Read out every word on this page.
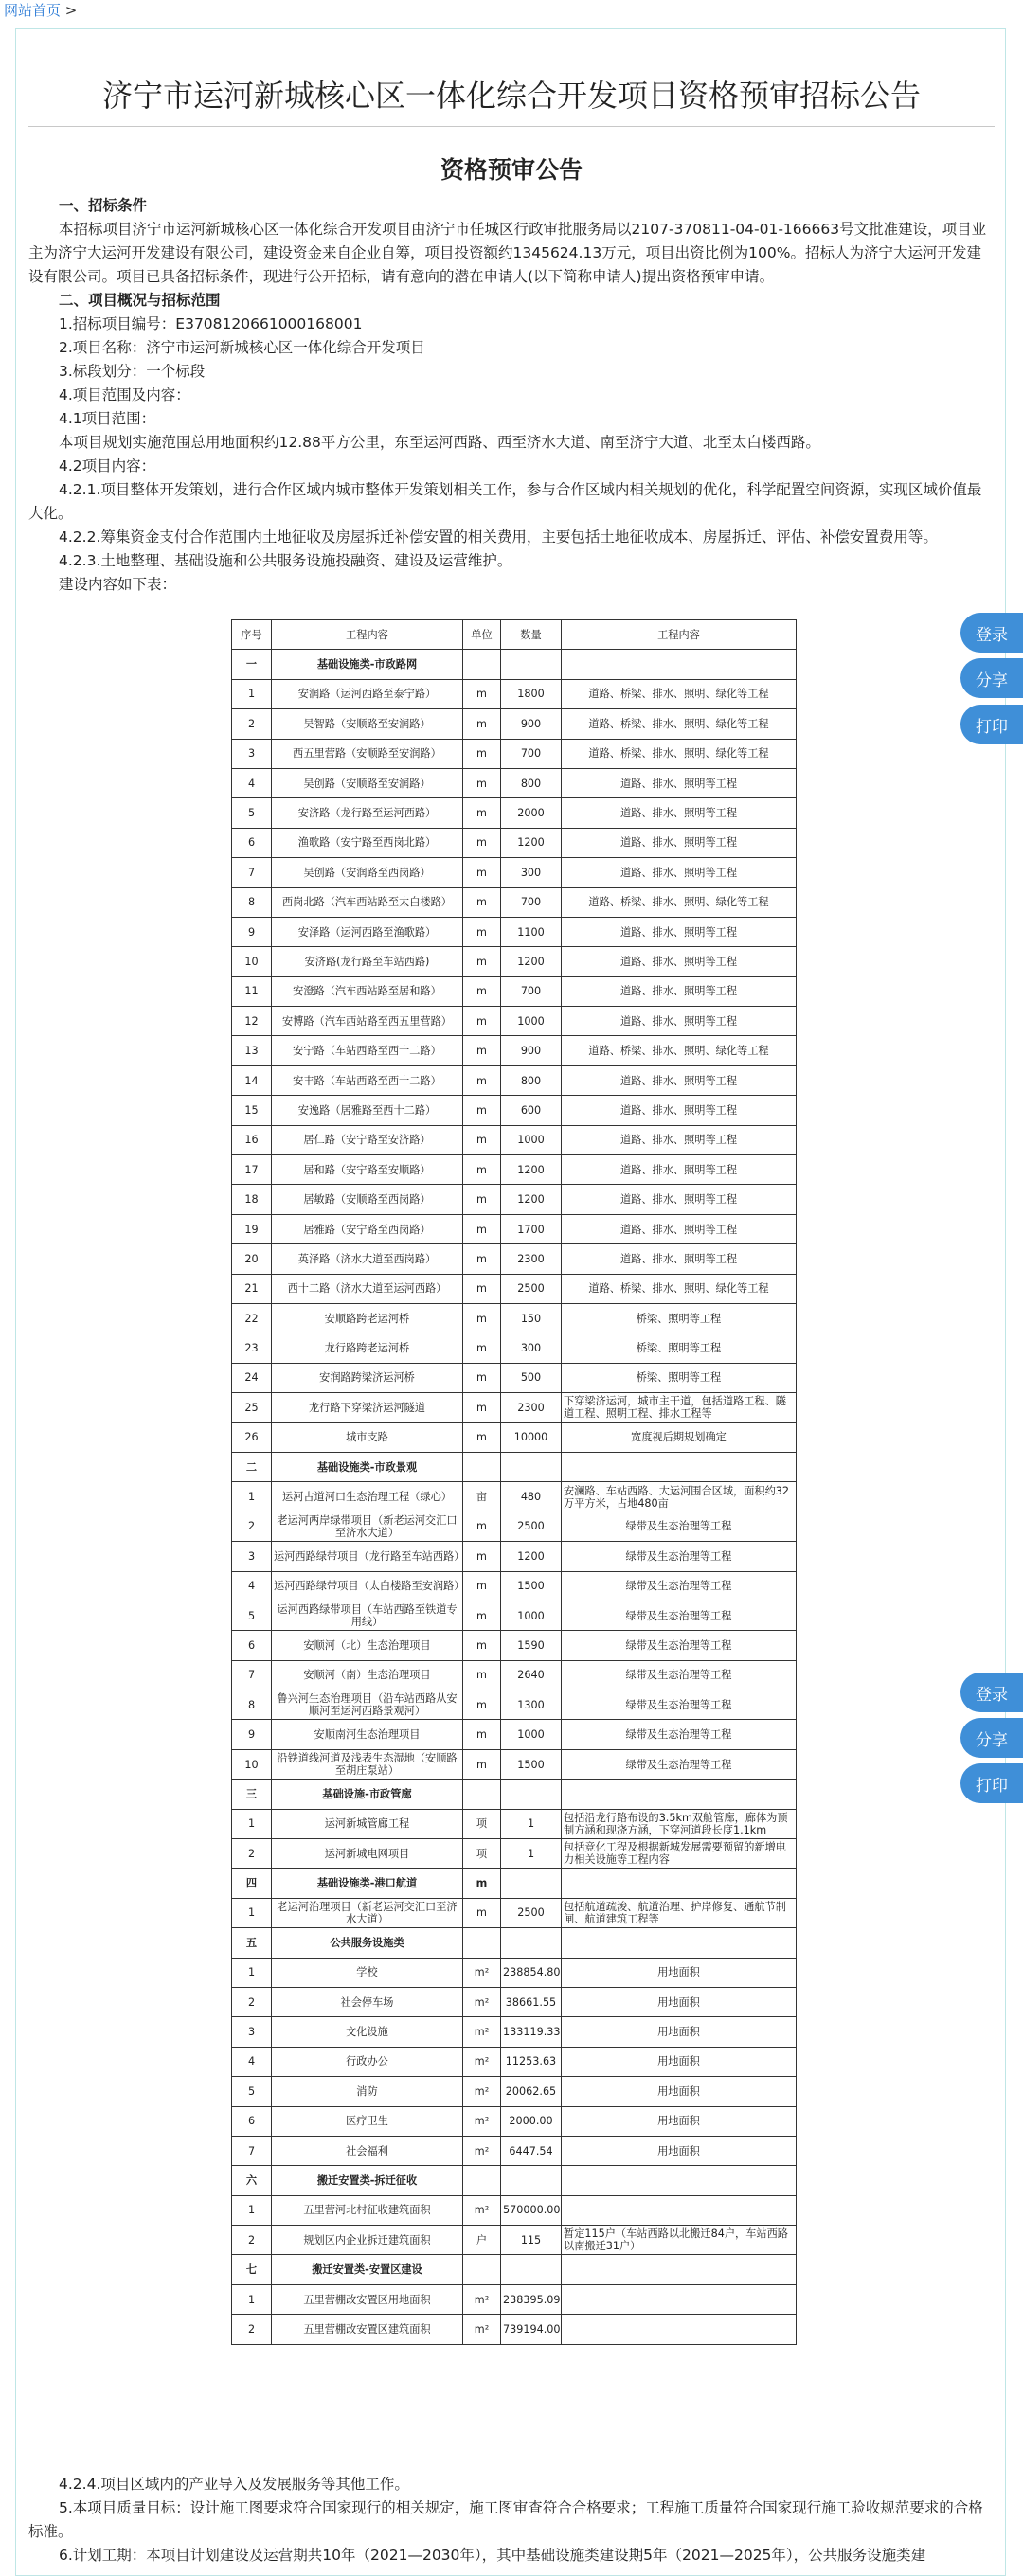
网站首页 >
济宁市运河新城核心区一体化综合开发项目资格预审招标公告
资格预审公告

一、招标条件

本招标项目济宁市运河新城核心区一体化综合开发项目由济宁市任城区行政审批服务局以2107-370811-04-01-166663号文批准建设，项目业主为济宁大运河开发建设有限公司，建设资金来自企业自筹，项目投资额约1345624.13万元，项目出资比例为100%。招标人为济宁大运河开发建设有限公司。项目已具备招标条件，现进行公开招标，请有意向的潜在申请人(以下简称申请人)提出资格预审申请。

二、项目概况与招标范围

1.招标项目编号：E3708120661000168001

2.项目名称：济宁市运河新城核心区一体化综合开发项目

3.标段划分：一个标段

4.项目范围及内容：

4.1项目范围：

本项目规划实施范围总用地面积约12.88平方公里，东至运河西路、西至济水大道、南至济宁大道、北至太白楼西路。

4.2项目内容：

4.2.1.项目整体开发策划，进行合作区域内城市整体开发策划相关工作，参与合作区域内相关规划的优化，科学配置空间资源，实现区域价值最大化。

4.2.2.筹集资金支付合作范围内土地征收及房屋拆迁补偿安置的相关费用，主要包括土地征收成本、房屋拆迁、评估、补偿安置费用等。

4.2.3.土地整理、基础设施和公共服务设施投融资、建设及运营维护。

建设内容如下表：

序号	工程内容	单位	数量	工程内容
一	基础设施类-市政路网			
1	安润路（运河西路至泰宁路）	m	1800	道路、桥梁、排水、照明、绿化等工程
2	吴智路（安顺路至安润路）	m	900	道路、桥梁、排水、照明、绿化等工程
3	西五里营路（安顺路至安润路）	m	700	道路、桥梁、排水、照明、绿化等工程
4	吴创路（安顺路至安润路）	m	800	道路、排水、照明等工程
5	安济路（龙行路至运河西路）	m	2000	道路、排水、照明等工程
6	渔歌路（安宁路至西岗北路）	m	1200	道路、排水、照明等工程
7	吴创路（安润路至西岗路）	m	300	道路、排水、照明等工程
8	西岗北路（汽车西站路至太白楼路）	m	700	道路、桥梁、排水、照明、绿化等工程
9	安泽路（运河西路至渔歌路）	m	1100	道路、排水、照明等工程
10	安济路(龙行路至车站西路)	m	1200	道路、排水、照明等工程
11	安澄路（汽车西站路至居和路）	m	700	道路、排水、照明等工程
12	安博路（汽车西站路至西五里营路）	m	1000	道路、排水、照明等工程
13	安宁路（车站西路至西十二路）	m	900	道路、桥梁、排水、照明、绿化等工程
14	安丰路（车站西路至西十二路）	m	800	道路、排水、照明等工程
15	安逸路（居雅路至西十二路）	m	600	道路、排水、照明等工程
16	居仁路（安宁路至安济路）	m	1000	道路、排水、照明等工程
17	居和路（安宁路至安顺路）	m	1200	道路、排水、照明等工程
18	居敏路（安顺路至西岗路）	m	1200	道路、排水、照明等工程
19	居雅路（安宁路至西岗路）	m	1700	道路、排水、照明等工程
20	英泽路（济水大道至西岗路）	m	2300	道路、排水、照明等工程
21	西十二路（济水大道至运河西路）	m	2500	道路、桥梁、排水、照明、绿化等工程
22	安顺路跨老运河桥	m	150	桥梁、照明等工程
23	龙行路跨老运河桥	m	300	桥梁、照明等工程
24	安润路跨梁济运河桥	m	500	桥梁、照明等工程
25	龙行路下穿梁济运河隧道	m	2300	下穿梁济运河，城市主干道，包括道路工程、隧道工程、照明工程、排水工程等
26	城市支路	m	10000	宽度视后期规划确定
二	基础设施类-市政景观			
1	运河古道河口生态治理工程（绿心）	亩	480	安澜路、车站西路、大运河围合区域，面积约32万平方米，占地480亩
2	老运河两岸绿带项目（新老运河交汇口至济水大道）	m	2500	绿带及生态治理等工程
3	运河西路绿带项目（龙行路至车站西路）	m	1200	绿带及生态治理等工程
4	运河西路绿带项目（太白楼路至安润路）	m	1500	绿带及生态治理等工程
5	运河西路绿带项目（车站西路至铁道专用线）	m	1000	绿带及生态治理等工程
6	安顺河（北）生态治理项目	m	1590	绿带及生态治理等工程
7	安顺河（南）生态治理项目	m	2640	绿带及生态治理等工程
8	鲁兴河生态治理项目（沿车站西路从安顺河至运河西路景观河）	m	1300	绿带及生态治理等工程
9	安顺南河生态治理项目	m	1000	绿带及生态治理等工程
10	沿铁道线河道及浅表生态湿地（安顺路至胡庄泵站）	m	1500	绿带及生态治理等工程
三	基础设施-市政管廊			
1	运河新城管廊工程	项	1	包括沿龙行路布设的3.5km双舱管廊，廊体为预制方涵和现浇方涵，下穿河道段长度1.1km
2	运河新城电网项目	项	1	包括竞化工程及根据新城发展需要预留的新增电力相关设施等工程内容
四	基础设施类-港口航道	m		
1	老运河治理项目（新老运河交汇口至济水大道）	m	2500	包括航道疏浚、航道治理、护岸修复、通航节制闸、航道建筑工程等
五	公共服务设施类			
1	学校	m²	238854.80	用地面积
2	社会停车场	m²	38661.55	用地面积
3	文化设施	m²	133119.33	用地面积
4	行政办公	m²	11253.63	用地面积
5	消防	m²	20062.65	用地面积
6	医疗卫生	m²	2000.00	用地面积
7	社会福利	m²	6447.54	用地面积
六	搬迁安置类-拆迁征收			
1	五里营河北村征收建筑面积	m²	570000.00	
2	规划区内企业拆迁建筑面积	户	115	暂定115户（车站西路以北搬迁84户，车站西路以南搬迁31户）
七	搬迁安置类-安置区建设			
1	五里营棚改安置区用地面积	m²	238395.09	
2	五里营棚改安置区建筑面积	m²	739194.00	

4.2.4.项目区域内的产业导入及发展服务等其他工作。

5.本项目质量目标：设计施工图要求符合国家现行的相关规定，施工图审查符合合格要求；工程施工质量符合国家现行施工验收规范要求的合格标准。

6.计划工期：本项目计划建设及运营期共10年（2021—2030年），其中基础设施类建设期5年（2021—2025年），公共服务设施类建

登录
分享
打印
登录
分享
打印
